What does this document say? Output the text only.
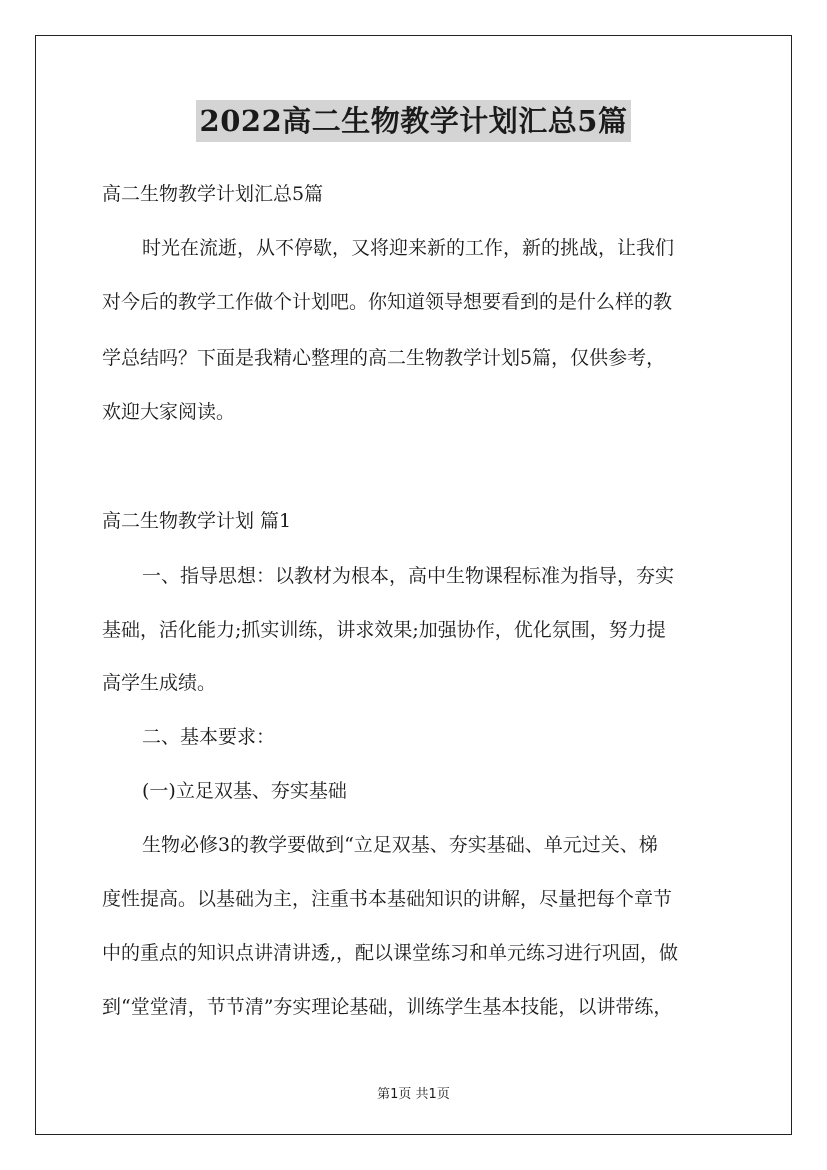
2022高二生物教学计划汇总5篇
高二生物教学计划汇总5篇
时光在流逝，从不停歇，又将迎来新的工作，新的挑战，让我们
对今后的教学工作做个计划吧。你知道领导想要看到的是什么样的教
学总结吗？下面是我精心整理的高二生物教学计划5篇，仅供参考，
欢迎大家阅读。
高二生物教学计划 篇1
一、指导思想：以教材为根本，高中生物课程标准为指导，夯实
基础，活化能力;抓实训练，讲求效果;加强协作，优化氛围，努力提
高学生成绩。
二、基本要求：
(一)立足双基、夯实基础
生物必修3的教学要做到“立足双基、夯实基础、单元过关、梯
度性提高。以基础为主，注重书本基础知识的讲解，尽量把每个章节
中的重点的知识点讲清讲透,，配以课堂练习和单元练习进行巩固，做
到“堂堂清，节节清”夯实理论基础，训练学生基本技能，以讲带练，
第1页 共1页
